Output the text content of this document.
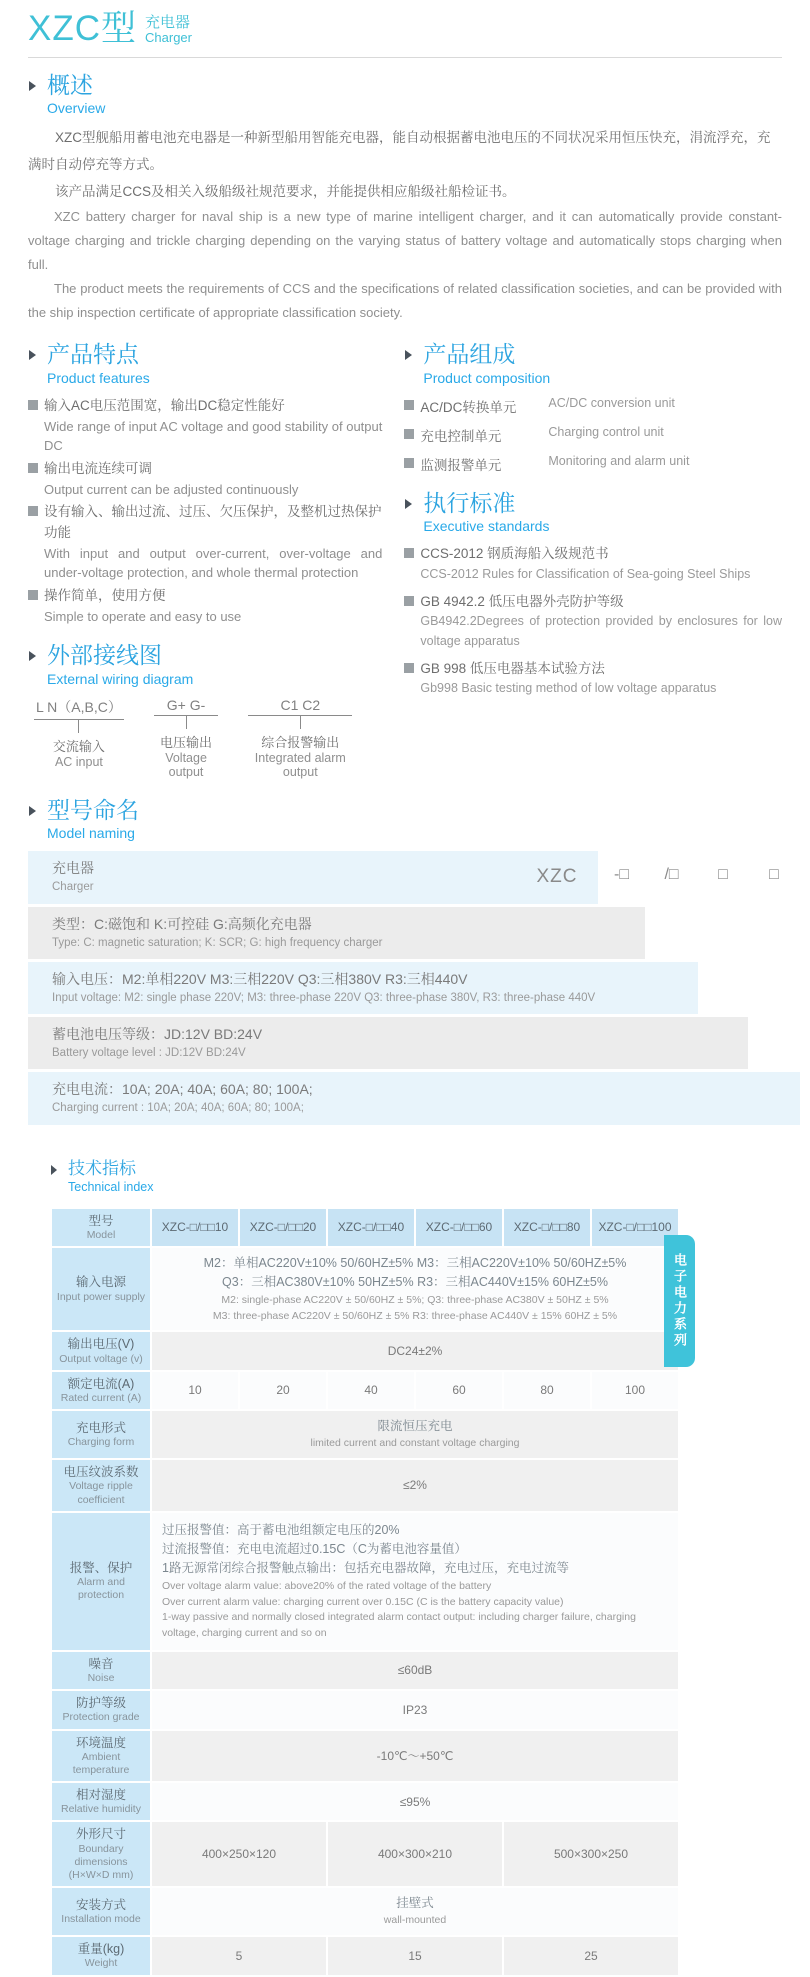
XZC型 充电器
Charger
概述
Overview

XZC型舰船用蓄电池充电器是一种新型船用智能充电器，能自动根据蓄电池电压的不同状况采用恒压快充，涓流浮充，充满时自动停充等方式。

该产品满足CCS及相关入级船级社规范要求，并能提供相应船级社船检证书。

XZC battery charger for naval ship is a new type of marine intelligent charger, and it can automatically provide constant-voltage charging and trickle charging depending on the varying status of battery voltage and automatically stops charging when full.

The product meets the requirements of CCS and the specifications of related classification societies, and can be provided with the ship inspection certificate of appropriate classification society.

产品特点
Product features
输入AC电压范围宽，输出DC稳定性能好
Wide range of input AC voltage and good stability of output DC
输出电流连续可调
Output current can be adjusted continuously
设有输入、输出过流、过压、欠压保护，及整机过热保护功能
With input and output over-current, over-voltage and under-voltage protection, and whole thermal protection
操作简单，使用方便
Simple to operate and easy to use
外部接线图
External wiring diagram
L N（A,B,C）
交流输入
AC input
G+ G-
电压输出
Voltage output
C1 C2
综合报警输出
Integrated alarm output
产品组成
Product composition
AC/DC转换单元	AC/DC conversion unit
充电控制单元	Charging control unit
监测报警单元	Monitoring and alarm unit
执行标准
Executive standards
CCS-2012 钢质海船入级规范书
CCS-2012 Rules for Classification of Sea-going Steel Ships
GB 4942.2 低压电器外壳防护等级
GB4942.2Degrees of protection provided by enclosures for low voltage apparatus
GB 998 低压电器基本试验方法
Gb998 Basic testing method of low voltage apparatus
型号命名
Model naming
XZC	-□	/□	□	□
充电器
Charger
类型：C:磁饱和 K:可控硅 G:高频化充电器
Type: C: magnetic saturation; K: SCR; G: high frequency charger
输入电压：M2:单相220V M3:三相220V Q3:三相380V R3:三相440V
Input voltage: M2: single phase 220V; M3: three-phase 220V Q3: three-phase 380V, R3: three-phase 440V
蓄电池电压等级：JD:12V BD:24V
Battery voltage level : JD:12V BD:24V
充电电流：10A; 20A; 40A; 60A; 80; 100A;
Charging current : 10A; 20A; 40A; 60A; 80; 100A;
技术指标
Technical index
型号
Model	XZC-□/□□10	XZC-□/□□20	XZC-□/□□40	XZC-□/□□60	XZC-□/□□80	XZC-□/□□100

输入电源
Input power supply

M2：单相AC220V±10% 50/60HZ±5% M3：三相AC220V±10% 50/60HZ±5%
Q3：三相AC380V±10% 50HZ±5% R3：三相AC440V±15% 60HZ±5%
M2: single-phase AC220V ± 50/60HZ ± 5%; Q3: three-phase AC380V ± 50HZ ± 5%
M3: three-phase AC220V ± 50/60HZ ± 5% R3: three-phase AC440V ± 15% 60HZ ± 5%

输出电压(V)
Output voltage (v)	DC24±2%					

额定电流(A)
Rated current (A)	10	20	40	60	80	100

充电形式
Charging form

限流恒压充电
limited current and constant voltage charging

电压纹波系数
Voltage ripple coefficient	≤2%					

报警、保护
Alarm and protection

过压报警值：高于蓄电池组额定电压的20%
过流报警值：充电电流超过0.15C（C为蓄电池容量值）
1路无源常闭综合报警触点输出：包括充电器故障，充电过压，充电过流等
Over voltage alarm value: above20% of the rated voltage of the battery
Over current alarm value: charging current over 0.15C (C is the battery capacity value)
1-way passive and normally closed integrated alarm contact output: including charger failure, charging voltage, charging current and so on

噪音
Noise	≤60dB					

防护等级
Protection grade	IP23					

环境温度
Ambient temperature	-10℃～+50℃					

相对湿度
Relative humidity	≤95%					

外形尺寸
Boundary dimensions
(H×W×D mm)	400×250×120		400×300×210		500×300×250	

安装方式
Installation mode

挂壁式
wall-mounted

重量(kg)
Weight	5		15		25	
电子电力系列
